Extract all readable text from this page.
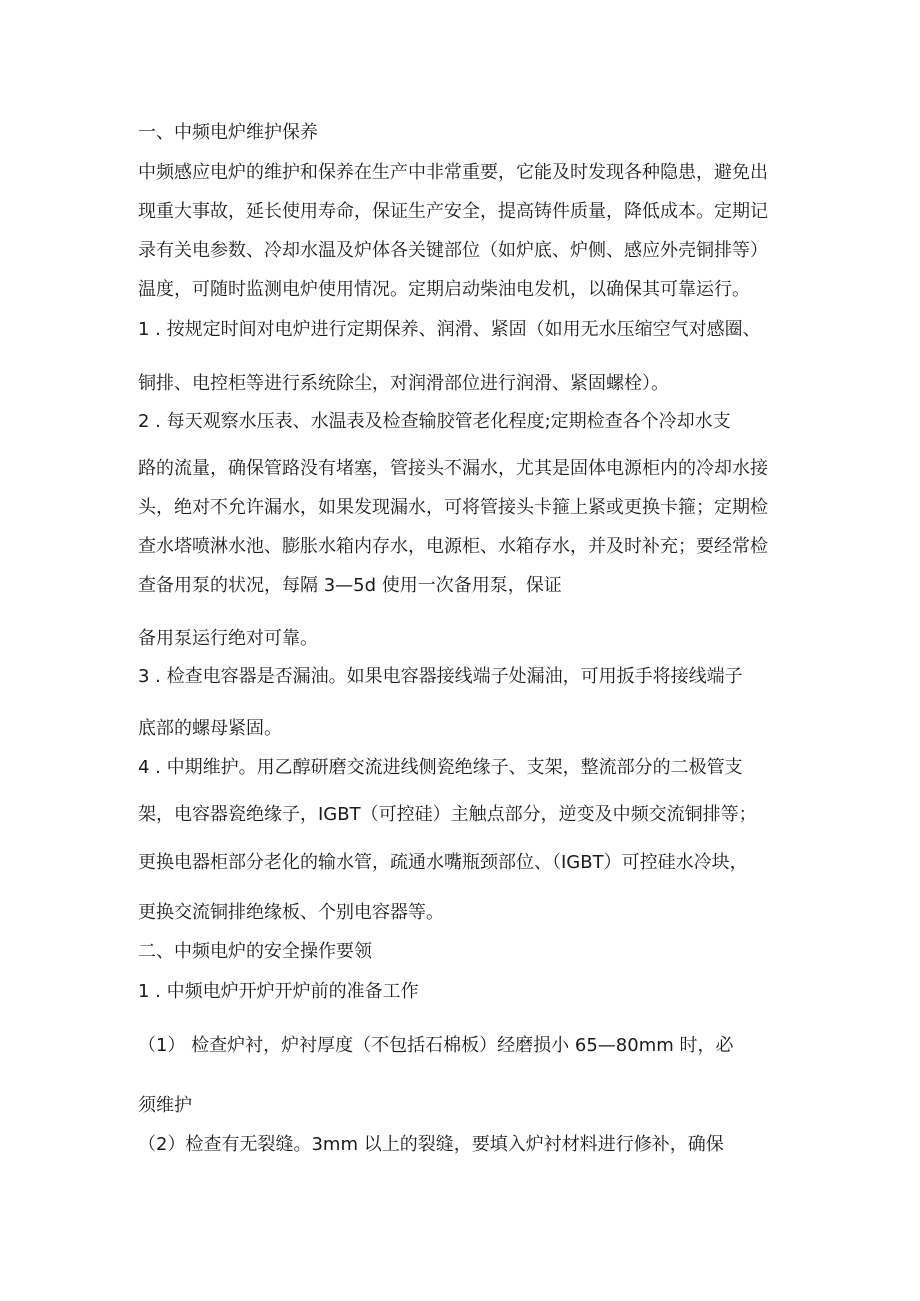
一、中频电炉维护保养

中频感应电炉的维护和保养在生产中非常重要，它能及时发现各种隐患，避免出

现重大事故，延长使用寿命，保证生产安全，提高铸件质量，降低成本。定期记

录有关电参数、冷却水温及炉体各关键部位（如炉底、炉侧、感应外壳铜排等）

温度，可随时监测电炉使用情况。定期启动柴油电发机，以确保其可靠运行。

1 . 按规定时间对电炉进行定期保养、润滑、紧固（如用无水压缩空气对感圈、

铜排、电控柜等进行系统除尘，对润滑部位进行润滑、紧固螺栓）。

2 . 每天观察水压表、水温表及检查输胶管老化程度;定期检查各个冷却水支

路的流量，确保管路没有堵塞，管接头不漏水，尤其是固体电源柜内的冷却水接

头，绝对不允许漏水，如果发现漏水，可将管接头卡箍上紧或更换卡箍；定期检

查水塔喷淋水池、膨胀水箱内存水，电源柜、水箱存水，并及时补充；要经常检

查备用泵的状况，每隔 3—5d 使用一次备用泵，保证

备用泵运行绝对可靠。

3 . 检查电容器是否漏油。如果电容器接线端子处漏油，可用扳手将接线端子

底部的螺母紧固。

4 . 中期维护。用乙醇研磨交流进线侧瓷绝缘子、支架，整流部分的二极管支

架，电容器瓷绝缘子，IGBT（可控硅）主触点部分，逆变及中频交流铜排等；

更换电器柜部分老化的输水管，疏通水嘴瓶颈部位、（IGBT）可控硅水冷块，

更换交流铜排绝缘板、个别电容器等。

二、中频电炉的安全操作要领

1 . 中频电炉开炉开炉前的准备工作

（1） 检查炉衬，炉衬厚度（不包括石棉板）经磨损小 65—80mm 时，必

须维护

（2）检查有无裂缝。3mm 以上的裂缝，要填入炉衬材料进行修补，确保
